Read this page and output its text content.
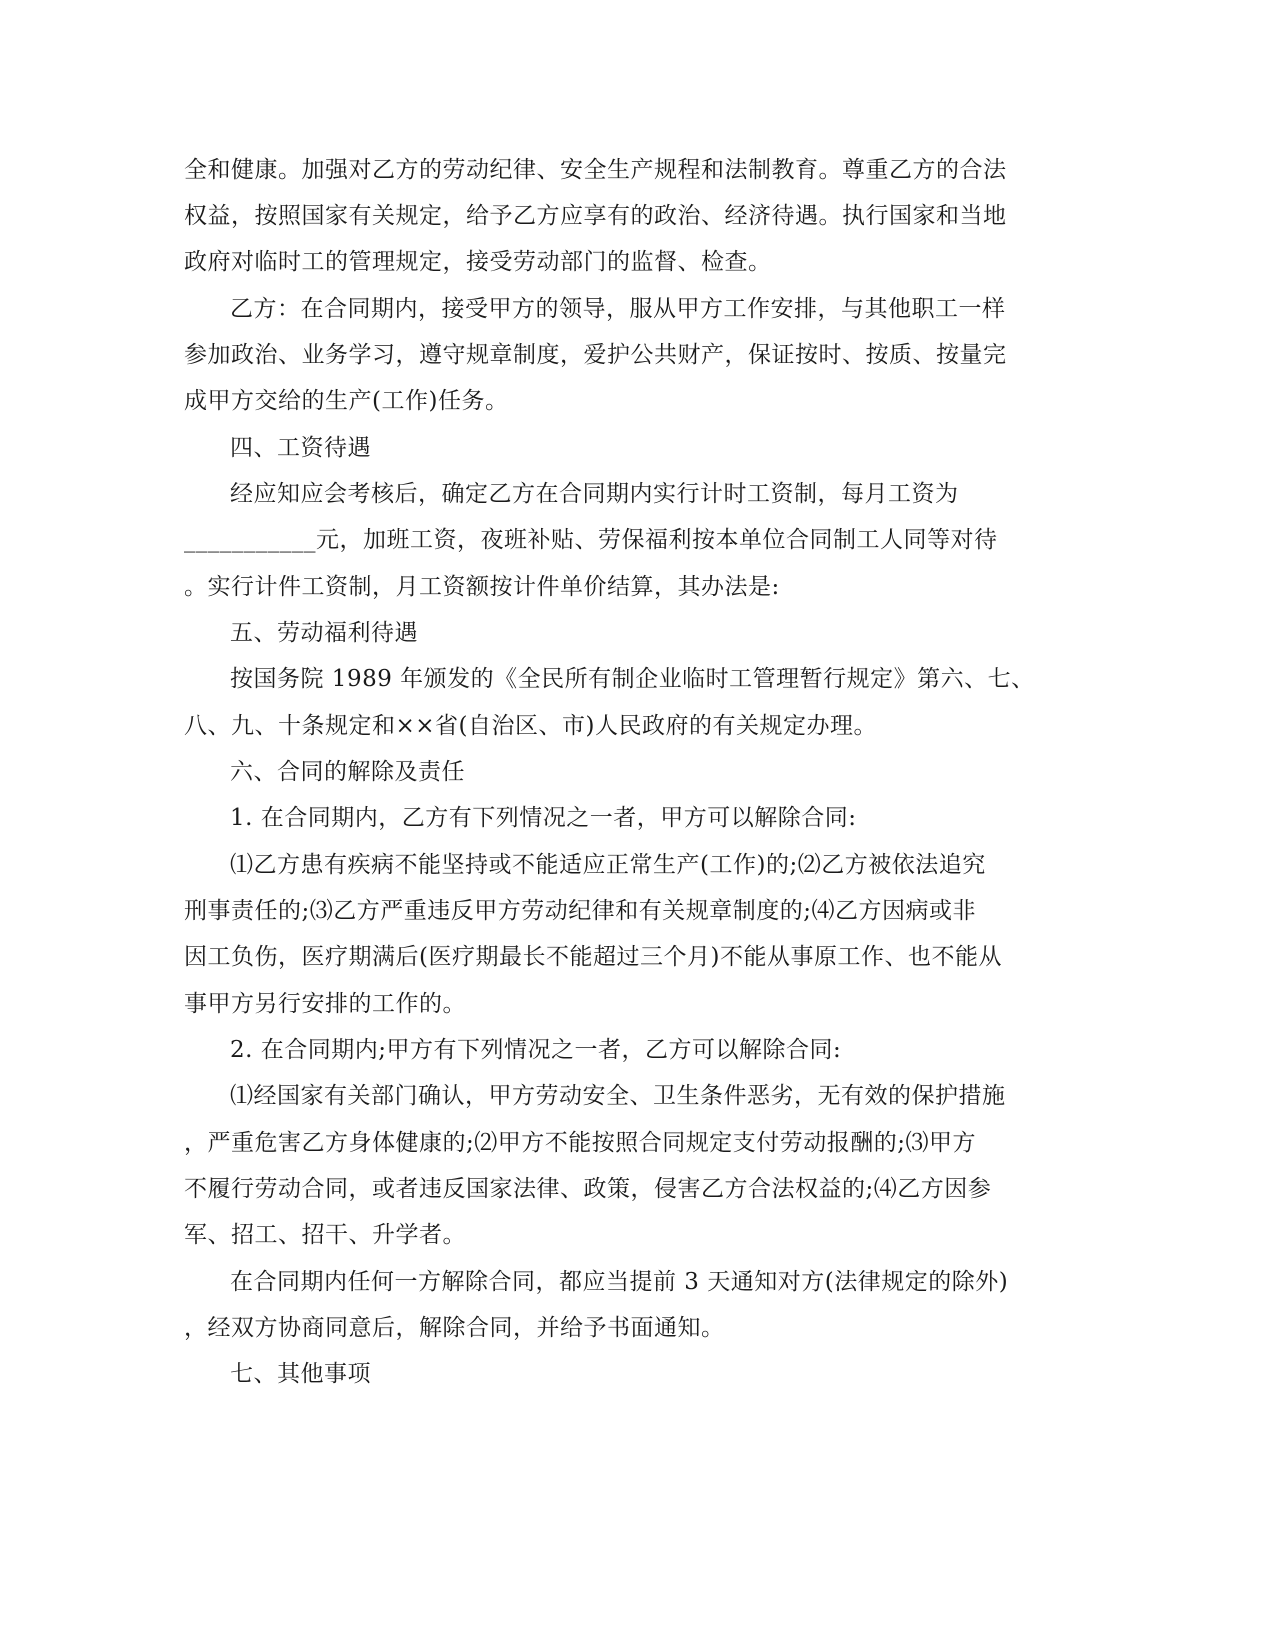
全和健康。加强对乙方的劳动纪律、安全生产规程和法制教育。尊重乙方的合法
权益，按照国家有关规定，给予乙方应享有的政治、经济待遇。执行国家和当地
政府对临时工的管理规定，接受劳动部门的监督、检查。
乙方：在合同期内，接受甲方的领导，服从甲方工作安排，与其他职工一样
参加政治、业务学习，遵守规章制度，爱护公共财产，保证按时、按质、按量完
成甲方交给的生产(工作)任务。
四、工资待遇
经应知应会考核后，确定乙方在合同期内实行计时工资制，每月工资为
___________元，加班工资，夜班补贴、劳保福利按本单位合同制工人同等对待
。实行计件工资制，月工资额按计件单价结算，其办法是:
五、劳动福利待遇
按国务院 1989 年颁发的《全民所有制企业临时工管理暂行规定》第六、七、
八、九、十条规定和××省(自治区、市)人民政府的有关规定办理。
六、合同的解除及责任
1. 在合同期内，乙方有下列情况之一者，甲方可以解除合同:
⑴乙方患有疾病不能坚持或不能适应正常生产(工作)的;⑵乙方被依法追究
刑事责任的;⑶乙方严重违反甲方劳动纪律和有关规章制度的;⑷乙方因病或非
因工负伤，医疗期满后(医疗期最长不能超过三个月)不能从事原工作、也不能从
事甲方另行安排的工作的。
2. 在合同期内;甲方有下列情况之一者，乙方可以解除合同:
⑴经国家有关部门确认，甲方劳动安全、卫生条件恶劣，无有效的保护措施
，严重危害乙方身体健康的;⑵甲方不能按照合同规定支付劳动报酬的;⑶甲方
不履行劳动合同，或者违反国家法律、政策，侵害乙方合法权益的;⑷乙方因参
军、招工、招干、升学者。
在合同期内任何一方解除合同，都应当提前 3 天通知对方(法律规定的除外)
，经双方协商同意后，解除合同，并给予书面通知。
七、其他事项
